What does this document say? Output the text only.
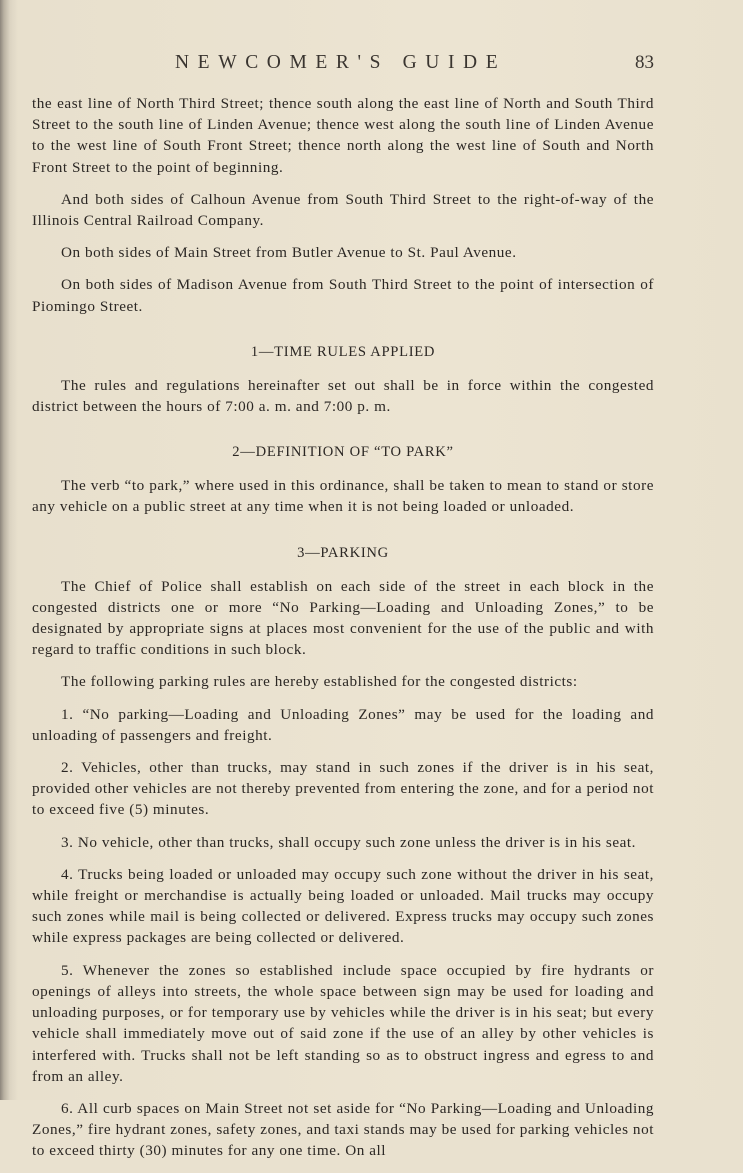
NEWCOMER'S GUIDE	83

the east line of North Third Street; thence south along the east line of North and South Third Street to the south line of Linden Avenue; thence west along the south line of Linden Avenue to the west line of South Front Street; thence north along the west line of South and North Front Street to the point of beginning.

And both sides of Calhoun Avenue from South Third Street to the right-of-way of the Illinois Central Railroad Company.

On both sides of Main Street from Butler Avenue to St. Paul Avenue.

On both sides of Madison Avenue from South Third Street to the point of intersection of Piomingo Street.

1—TIME RULES APPLIED

The rules and regulations hereinafter set out shall be in force within the congested district between the hours of 7:00 a. m. and 7:00 p. m.

2—DEFINITION OF “TO PARK”

The verb “to park,” where used in this ordinance, shall be taken to mean to stand or store any vehicle on a public street at any time when it is not being loaded or unloaded.

3—PARKING

The Chief of Police shall establish on each side of the street in each block in the congested districts one or more “No Parking—Loading and Unloading Zones,” to be designated by appropriate signs at places most convenient for the use of the public and with regard to traffic conditions in such block.

The following parking rules are hereby established for the congested districts:

1. “No parking—Loading and Unloading Zones” may be used for the loading and unloading of passengers and freight.

2. Vehicles, other than trucks, may stand in such zones if the driver is in his seat, provided other vehicles are not thereby prevented from entering the zone, and for a period not to exceed five (5) minutes.

3. No vehicle, other than trucks, shall occupy such zone unless the driver is in his seat.

4. Trucks being loaded or unloaded may occupy such zone without the driver in his seat, while freight or merchandise is actually being loaded or unloaded. Mail trucks may occupy such zones while mail is being collected or delivered. Express trucks may occupy such zones while express packages are being collected or delivered.

5. Whenever the zones so established include space occupied by fire hydrants or openings of alleys into streets, the whole space between sign may be used for loading and unloading purposes, or for temporary use by vehicles while the driver is in his seat; but every vehicle shall immediately move out of said zone if the use of an alley by other vehicles is interfered with. Trucks shall not be left standing so as to obstruct ingress and egress to and from an alley.

6. All curb spaces on Main Street not set aside for “No Parking—Loading and Unloading Zones,” fire hydrant zones, safety zones, and taxi stands may be used for parking vehicles not to exceed thirty (30) minutes for any one time. On all
